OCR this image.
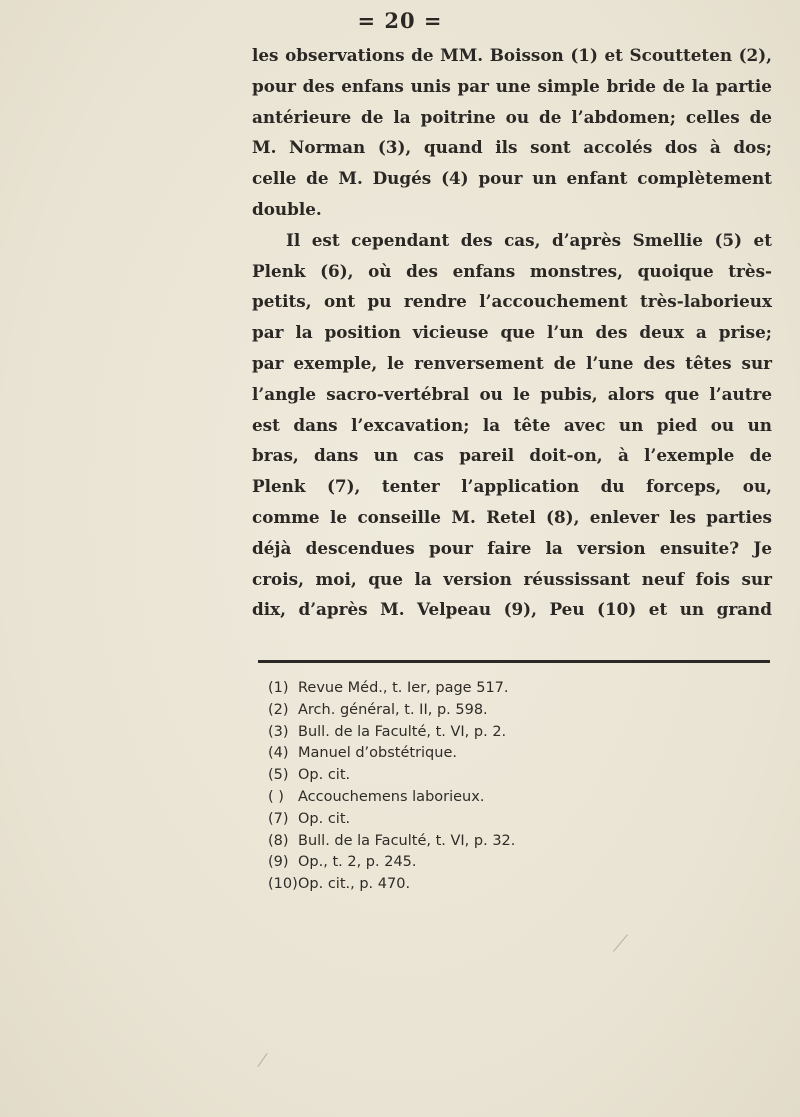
= 20 =
les observations de MM. Boisson (1) et Scoutteten (2),
pour des enfans unis par une simple bride de la partie
antérieure de la poitrine ou de l’abdomen; celles de
M. Norman (3), quand ils sont accolés dos à dos;
celle de M. Dugés (4) pour un enfant complètement
double.
Il est cependant des cas, d’après Smellie (5) et
Plenk (6), où des enfans monstres, quoique très-
petits, ont pu rendre l’accouchement très-laborieux
par la position vicieuse que l’un des deux a prise;
par exemple, le renversement de l’une des têtes sur
l’angle sacro-vertébral ou le pubis, alors que l’autre
est dans l’excavation; la tête avec un pied ou un
bras, dans un cas pareil doit-on, à l’exemple de
Plenk (7), tenter l’application du forceps, ou,
comme le conseille M. Retel (8), enlever les parties
déjà descendues pour faire la version ensuite? Je
crois, moi, que la version réussissant neuf fois sur
dix, d’après M. Velpeau (9), Peu (10) et un grand
(1) Revue Méd., t. Ier, page 517.
(2) Arch. général, t. II, p. 598.
(3) Bull. de la Faculté, t. VI, p. 2.
(4) Manuel d’obstétrique.
(5) Op. cit.
( ) Accouchemens laborieux.
(7) Op. cit.
(8) Bull. de la Faculté, t. VI, p. 32.
(9) Op., t. 2, p. 245.
(10)Op. cit., p. 470.
